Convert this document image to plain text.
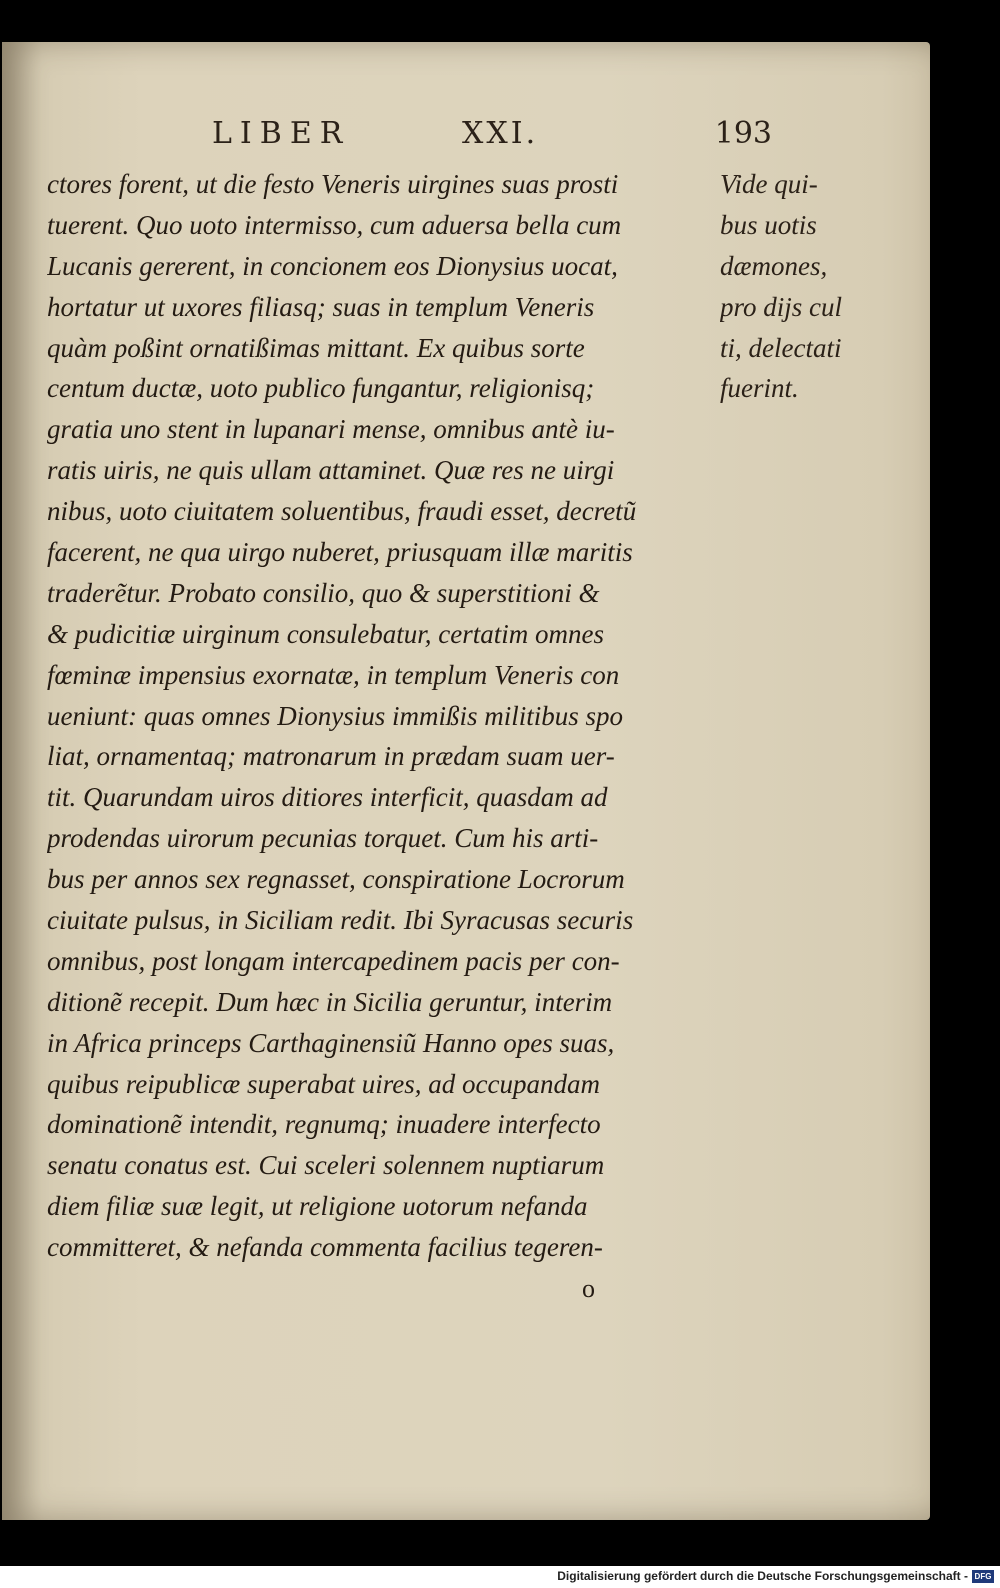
LIBER	XXI.	193
ctores forent, ut die festo Veneris uirgines suas prosti
tuerent. Quo uoto intermisso, cum aduersa bella cum
Lucanis gererent, in concionem eos Dionysius uocat,
hortatur ut uxores filiasq; suas in templum Veneris
quàm poßint ornatißimas mittant. Ex quibus sorte
centum ductæ, uoto publico fungantur, religionisq;
gratia uno stent in lupanari mense, omnibus antè iu-
ratis uiris, ne quis ullam attaminet. Quæ res ne uirgi
nibus, uoto ciuitatem soluentibus, fraudi esset, decretũ
facerent, ne qua uirgo nuberet, priusquam illæ maritis
traderẽtur. Probato consilio, quo & superstitioni &
& pudicitiæ uirginum consulebatur, certatim omnes
fœminæ impensius exornatæ, in templum Veneris con
ueniunt: quas omnes Dionysius immißis militibus spo
liat, ornamentaq; matronarum in prædam suam uer-
tit. Quarundam uiros ditiores interficit, quasdam ad
prodendas uirorum pecunias torquet. Cum his arti-
bus per annos sex regnasset, conspiratione Locrorum
ciuitate pulsus, in Siciliam redit. Ibi Syracusas securis
omnibus, post longam intercapedinem pacis per con-
ditionẽ recepit. Dum hæc in Sicilia geruntur, interim
in Africa princeps Carthaginensiũ Hanno opes suas,
quibus reipublicæ superabat uires, ad occupandam
dominationẽ intendit, regnumq; inuadere interfecto
senatu conatus est. Cui sceleri solennem nuptiarum
diem filiæ suæ legit, ut religione uotorum nefanda
committeret, & nefanda commenta facilius tegeren-
Vide qui-
bus uotis
dæmones,
pro dijs cul
ti, delectati
fuerint.
o
Digitalisierung gefördert durch die Deutsche Forschungsgemeinschaft - DFG
